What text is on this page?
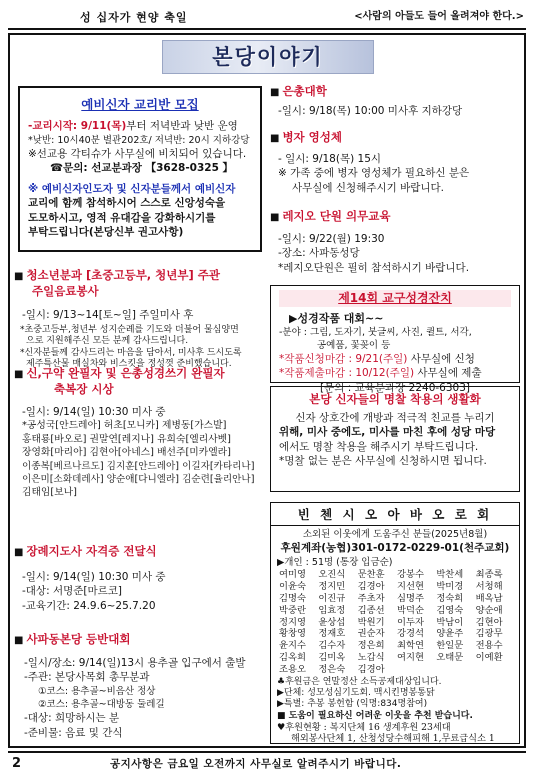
성 십자가 현양 축일	<사람의 아들도 들어 올려져야 한다.>
본당이야기
예비신자 교리반 모집
-교리시작: 9/11(목)부터 저녁반과 낮반 운영
*낮반: 10시40분 별관202호/ 저녁반: 20시 지하강당
※선교용 각티슈가 사무실에 비치되어 있습니다.
☎문의: 선교분과장 【3628-0325 】
※ 예비신자인도자 및 신자분들께서 예비신자
교리에 함께 참석하시어 스스로 신앙성숙을
도모하시고, 영적 유대감을 강화하시기를
부탁드립니다(본당신부 권고사항)
■ 청소년분과 [초중고등부, 청년부] 주관
주일음료봉사
-일시: 9/13~14[토~일] 주일미사 후
*초중고등부,청년부 성지순례를 기도와 더불어 물심양면
으로 지원해주신 모든 분께 감사드립니다.
*신자분들께 감사드리는 마음을 담아서, 미사후 드시도록
제주특산물 매실차와 비스킷을 정성껏 준비했습니다.
■ 신,구약 완필자 및 은총성경쓰기 완필자
축복장 시상
-일시: 9/14(일) 10:30 미사 중
*공성국[안드레아] 허초[모니카] 제병동[가스발]
홍태룡[바오로] 권말연[레지나] 유희숙[엘리사벳]
장영화[마리아] 김현아[아네스] 배선주[미카엘라]
이종복[베르나르도] 김지훈[안드레아] 이길자[카타리나]
이은미[소화데레사] 양순애[다니엘라] 김순련[율리안나]
김태임[보나]
■ 장례지도사 자격증 전달식
-일시: 9/14(일) 10:30 미사 중
-대상: 서명준[마르코]
-교육기간: 24.9.6~25.7.20
■ 사파동본당 등반대회
-일시/장소: 9/14(일)13시 용추골 입구에서 출발
-주관: 본당사목회 총무분과
①코스: 용추골~비음산 정상
②코스: 용추골~대방동 둘레길
-대상: 희망하시는 분
-준비물: 음료 및 간식
■ 은총대학
-일시: 9/18(목) 10:00 미사후 지하강당
■ 병자 영성체
- 일시: 9/18(목) 15시
※ 가족 중에 병자 영성체가 필요하신 분은
사무실에 신청해주시기 바랍니다.
■ 레지오 단원 의무교육
-일시: 9/22(월) 19:30
-장소: 사파동성당
*레지오단원은 필히 참석하시기 바랍니다.
제14회 교구성경잔치
▶성경작품 대회~~
-분야 : 그림, 도자기, 붓글씨, 사진, 퀼트, 서각,
공예품, 꽃꽂이 등
*작품신청마감 : 9/21(주일) 사무실에 신청
*작품제출마감 : 10/12(주일) 사무실에 제출
[문의 : 교육분과장 2240-6303]
본당 신자들의 명찰 착용의 생활화
신자 상호간에 개방과 적극적 친교를 누리기
위해, 미사 중에도, 미사를 마친 후에 성당 마당
에서도 명찰 착용을 해주시기 부탁드립니다.
*명찰 없는 분은 사무실에 신청하시면 됩니다.
빈 첸 시 오 아 바 오 로 회
소외된 이웃에게 도움주신 분들(2025년8월)
후원계좌(농협)301-0172-0229-01(천주교회)
▶개인 : 51명 (통장 입금순)
여미영	오진식	문찬훈	강봉수	박찬세	최종록
이윤숙	정지민	김경아	지선현	박미경	서청해
김명숙	이진규	주초자	심명주	정숙희	배옥남
박중란	임효정	김종선	박덕순	김영숙	양순애
정지영	윤상섭	박원기	이두자	박남이	김현아
황창영	정재호	권순자	강경석	양윤주	김광무
윤지수	김수자	정은희	최학연	한일문	전용수
김옥희	김미옥	노갑식	여지현	오태문	이예환
조용오	정은숙	김경아
♣후원금은 연말정산 소득공제대상입니다.
▶단체: 성모성심기도회. 맥시킨명봉통닭
▶특별: 추봉 봉헌함 (익명:834명참여)
■ 도움이 필요하신 어려운 이웃을 추천 받습니다.
♥후원현황 : 복지단체 16 생계후원 23세대
해외봉사단체 1, 산청성당수해피해 1,무료급식소 1
2	공지사항은 금요일 오전까지 사무실로 알려주시기 바랍니다.
